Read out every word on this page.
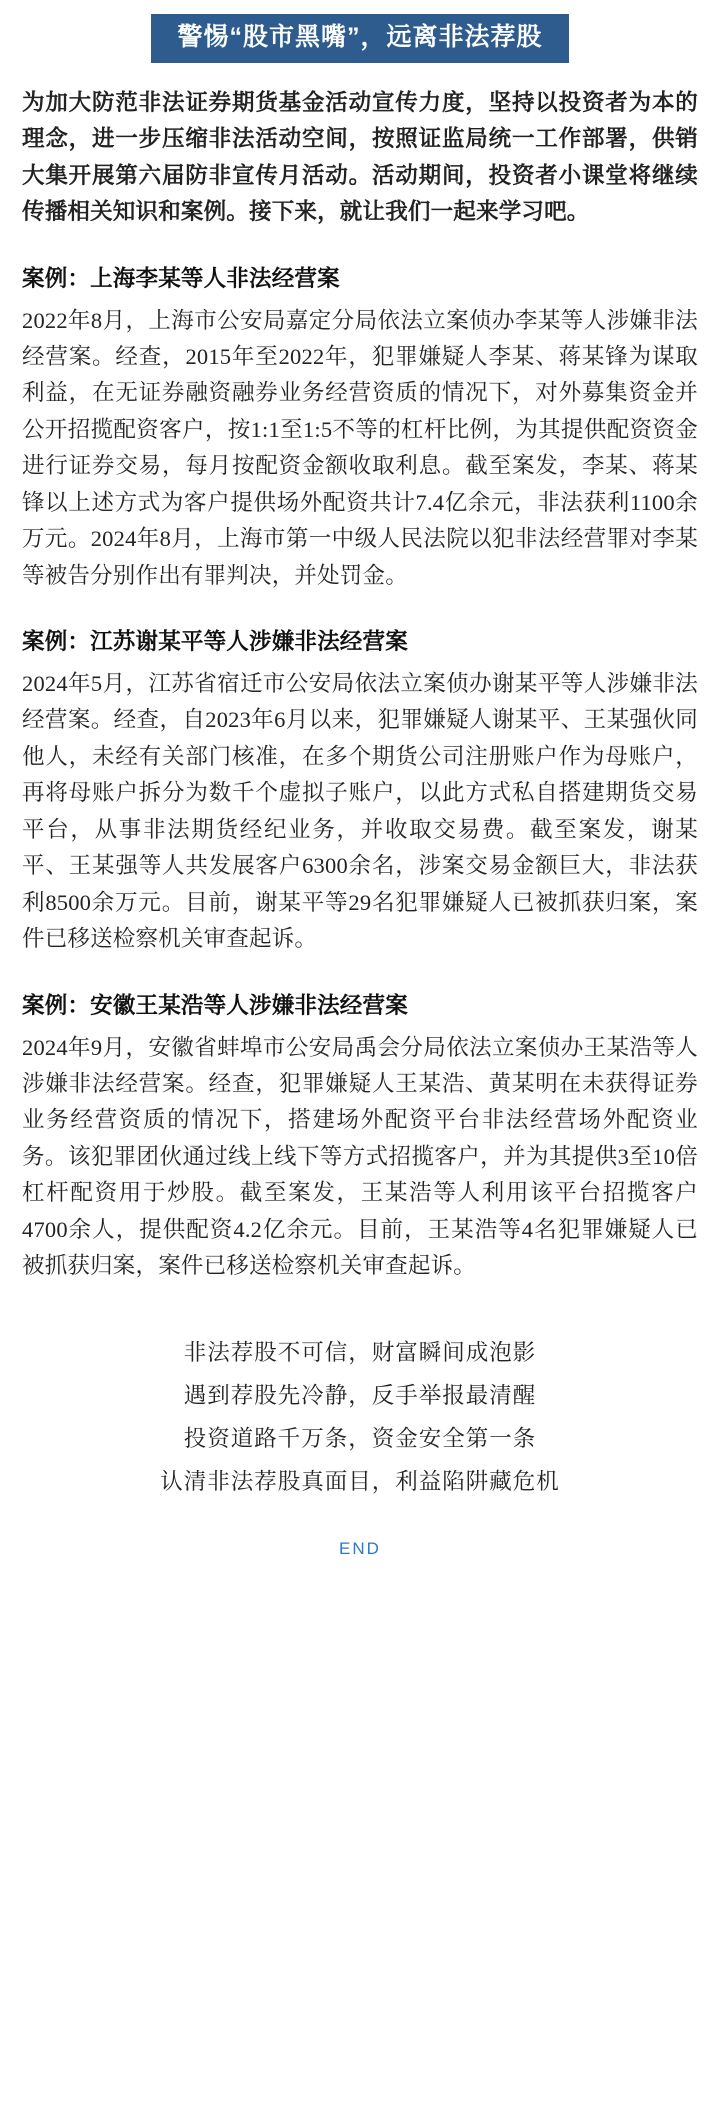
警惕“股市黑嘴”，远离非法荐股

为加大防范非法证券期货基金活动宣传力度，坚持以投资者为本的理念，进一步压缩非法活动空间，按照证监局统一工作部署，供销大集开展第六届防非宣传月活动。活动期间，投资者小课堂将继续传播相关知识和案例。接下来，就让我们一起来学习吧。

案例：上海李某等人非法经营案

2022年8月，上海市公安局嘉定分局依法立案侦办李某等人涉嫌非法经营案。经查，2015年至2022年，犯罪嫌疑人李某、蒋某锋为谋取利益，在无证券融资融券业务经营资质的情况下，对外募集资金并公开招揽配资客户，按1:1至1:5不等的杠杆比例，为其提供配资资金进行证券交易，每月按配资金额收取利息。截至案发，李某、蒋某锋以上述方式为客户提供场外配资共计7.4亿余元，非法获利1100余万元。2024年8月，上海市第一中级人民法院以犯非法经营罪对李某等被告分别作出有罪判决，并处罚金。

案例：江苏谢某平等人涉嫌非法经营案

2024年5月，江苏省宿迁市公安局依法立案侦办谢某平等人涉嫌非法经营案。经查，自2023年6月以来，犯罪嫌疑人谢某平、王某强伙同他人，未经有关部门核准，在多个期货公司注册账户作为母账户，再将母账户拆分为数千个虚拟子账户，以此方式私自搭建期货交易平台，从事非法期货经纪业务，并收取交易费。截至案发，谢某平、王某强等人共发展客户6300余名，涉案交易金额巨大，非法获利8500余万元。目前，谢某平等29名犯罪嫌疑人已被抓获归案，案件已移送检察机关审查起诉。

案例：安徽王某浩等人涉嫌非法经营案

2024年9月，安徽省蚌埠市公安局禹会分局依法立案侦办王某浩等人涉嫌非法经营案。经查，犯罪嫌疑人王某浩、黄某明在未获得证券业务经营资质的情况下，搭建场外配资平台非法经营场外配资业务。该犯罪团伙通过线上线下等方式招揽客户，并为其提供3至10倍杠杆配资用于炒股。截至案发，王某浩等人利用该平台招揽客户4700余人，提供配资4.2亿余元。目前，王某浩等4名犯罪嫌疑人已被抓获归案，案件已移送检察机关审查起诉。

非法荐股不可信，财富瞬间成泡影
遇到荐股先冷静，反手举报最清醒
投资道路千万条，资金安全第一条
认清非法荐股真面目，利益陷阱藏危机
END
